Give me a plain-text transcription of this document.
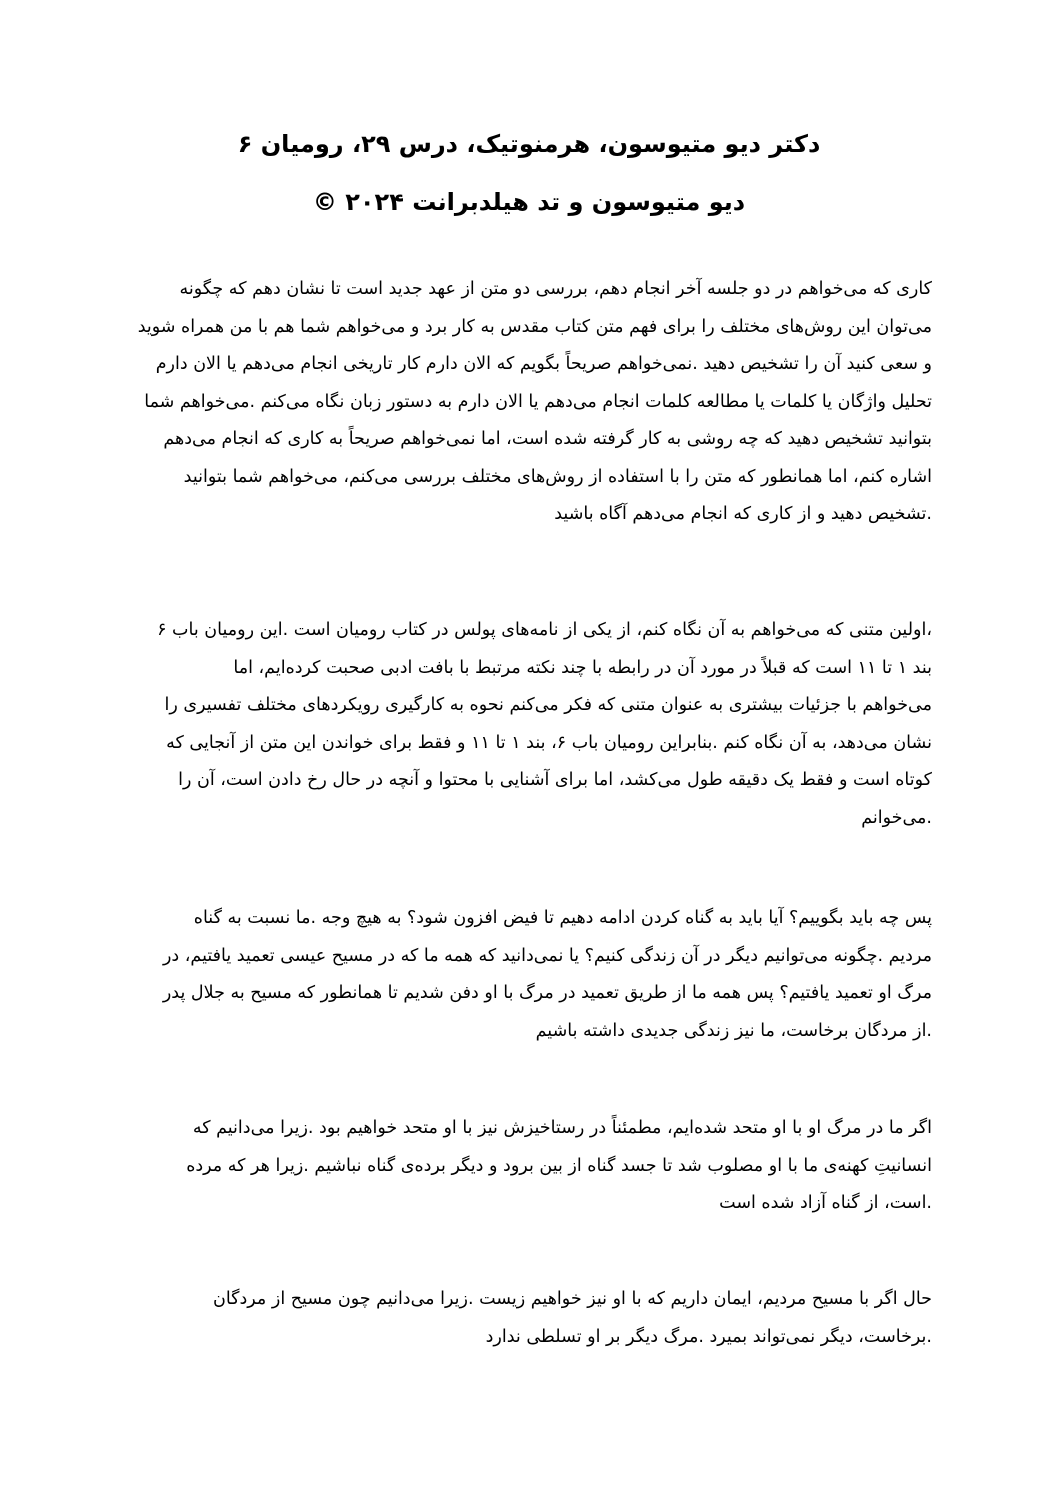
دکتر دیو متیوسون، هرمنوتیک، درس ۲۹، رومیان ۶
دیو متیوسون و تد هیلدبرانت ۲۰۲۴ ©
کاری که می‌خواهم در دو جلسه آخر انجام دهم، بررسی دو متن از عهد جدید است تا نشان دهم که چگونه
می‌توان این روش‌های مختلف را برای فهم متن کتاب مقدس به کار برد و می‌خواهم شما هم با من همراه شوید
و سعی کنید آن را تشخیص دهید .نمی‌خواهم صریحاً بگویم که الان دارم کار تاریخی انجام می‌دهم یا الان دارم
تحلیل واژگان یا کلمات یا مطالعه کلمات انجام می‌دهم یا الان دارم به دستور زبان نگاه می‌کنم .می‌خواهم شما
بتوانید تشخیص دهید که چه روشی به کار گرفته شده است، اما نمی‌خواهم صریحاً به کاری که انجام می‌دهم
اشاره کنم، اما همانطور که متن را با استفاده از روش‌های مختلف بررسی می‌کنم، می‌خواهم شما بتوانید
.تشخیص دهید و از کاری که انجام می‌دهم آگاه باشید
،اولین متنی که می‌خواهم به آن نگاه کنم، از یکی از نامه‌های پولس در کتاب رومیان است .این رومیان باب ۶
بند ۱ تا ۱۱ است که قبلاً در مورد آن در رابطه با چند نکته مرتبط با بافت ادبی صحبت کرده‌ایم، اما
می‌خواهم با جزئیات بیشتری به عنوان متنی که فکر می‌کنم نحوه به کارگیری رویکردهای مختلف تفسیری را
نشان می‌دهد، به آن نگاه کنم .بنابراین رومیان باب ۶، بند ۱ تا ۱۱ و فقط برای خواندن این متن از آنجایی که
کوتاه است و فقط یک دقیقه طول می‌کشد، اما برای آشنایی با محتوا و آنچه در حال رخ دادن است، آن را
.می‌خوانم
پس چه باید بگوییم؟ آیا باید به گناه کردن ادامه دهیم تا فیض افزون شود؟ به هیچ وجه .ما نسبت به گناه
مردیم .چگونه می‌توانیم دیگر در آن زندگی کنیم؟ یا نمی‌دانید که همه ما که در مسیح عیسی تعمید یافتیم، در
مرگ او تعمید یافتیم؟ پس همه ما از طریق تعمید در مرگ با او دفن شدیم تا همانطور که مسیح به جلال پدر
.از مردگان برخاست، ما نیز زندگی جدیدی داشته باشیم
اگر ما در مرگ او با او متحد شده‌ایم، مطمئناً در رستاخیزش نیز با او متحد خواهیم بود .زیرا می‌دانیم که
انسانیتِ کهنه‌ی ما با او مصلوب شد تا جسد گناه از بین برود و دیگر برده‌ی گناه نباشیم .زیرا هر که مرده
.است، از گناه آزاد شده است
حال اگر با مسیح مردیم، ایمان داریم که با او نیز خواهیم زیست .زیرا می‌دانیم چون مسیح از مردگان
.برخاست، دیگر نمی‌تواند بمیرد .مرگ دیگر بر او تسلطی ندارد
